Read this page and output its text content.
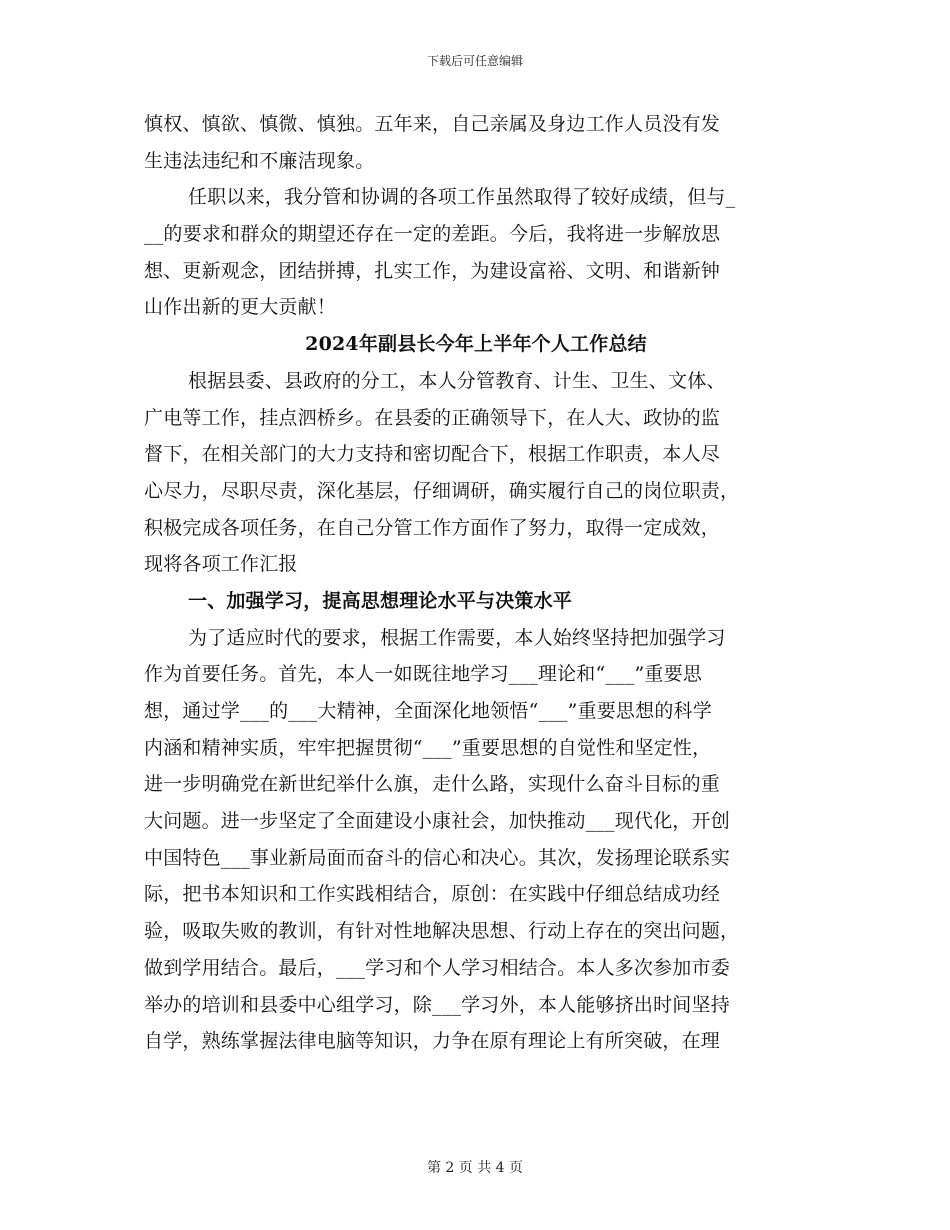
下载后可任意编辑
慎权、慎欲、慎微、慎独。五年来，自己亲属及身边工作人员没有发
生违法违纪和不廉洁现象。
任职以来，我分管和协调的各项工作虽然取得了较好成绩，但与_
__的要求和群众的期望还存在一定的差距。今后，我将进一步解放思
想、更新观念，团结拼搏，扎实工作，为建设富裕、文明、和谐新钟
山作出新的更大贡献！
2024年副县长今年上半年个人工作总结
根据县委、县政府的分工，本人分管教育、计生、卫生、文体、
广电等工作，挂点泗桥乡。在县委的正确领导下，在人大、政协的监
督下，在相关部门的大力支持和密切配合下，根据工作职责，本人尽
心尽力，尽职尽责，深化基层，仔细调研，确实履行自己的岗位职责，
积极完成各项任务，在自己分管工作方面作了努力，取得一定成效，
现将各项工作汇报
一、加强学习，提高思想理论水平与决策水平
为了适应时代的要求，根据工作需要，本人始终坚持把加强学习
作为首要任务。首先，本人一如既往地学习___理论和“___”重要思
想，通过学___的___大精神，全面深化地领悟“___”重要思想的科学
内涵和精神实质，牢牢把握贯彻“___”重要思想的自觉性和坚定性，
进一步明确党在新世纪举什么旗，走什么路，实现什么奋斗目标的重
大问题。进一步坚定了全面建设小康社会，加快推动___现代化，开创
中国特色___事业新局面而奋斗的信心和决心。其次，发扬理论联系实
际，把书本知识和工作实践相结合，原创：在实践中仔细总结成功经
验，吸取失败的教训，有针对性地解决思想、行动上存在的突出问题，
做到学用结合。最后，___学习和个人学习相结合。本人多次参加市委
举办的培训和县委中心组学习，除___学习外，本人能够挤出时间坚持
自学，熟练掌握法律电脑等知识，力争在原有理论上有所突破，在理
第 2 页 共 4 页
